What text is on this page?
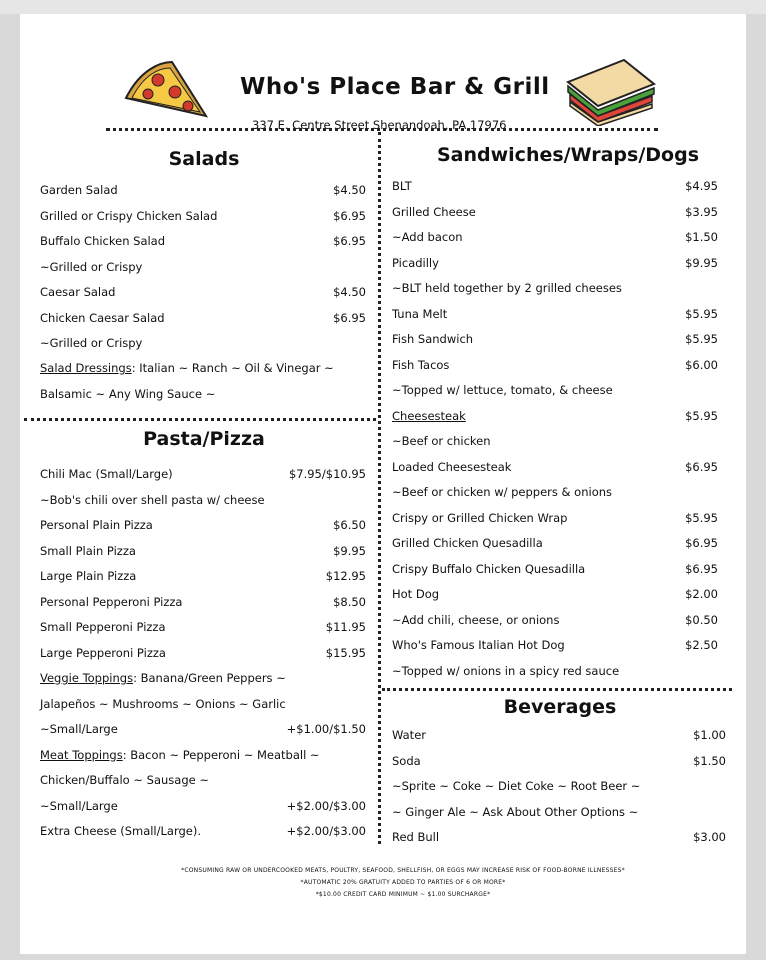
Who's Place Bar & Grill
337 E. Centre Street Shenandoah, PA 17976
Salads
Garden Salad	$4.50
Grilled or Crispy Chicken Salad	$6.95
Buffalo Chicken Salad	$6.95
~Grilled or Crispy
Caesar Salad	$4.50
Chicken Caesar Salad	$6.95
~Grilled or Crispy
Salad Dressings: Italian ~ Ranch ~ Oil & Vinegar ~
Balsamic ~ Any Wing Sauce ~
Pasta/Pizza
Chili Mac (Small/Large)	$7.95/$10.95
~Bob's chili over shell pasta w/ cheese
Personal Plain Pizza	$6.50
Small Plain Pizza	$9.95
Large Plain Pizza	$12.95
Personal Pepperoni Pizza	$8.50
Small Pepperoni Pizza	$11.95
Large Pepperoni Pizza	$15.95
Veggie Toppings: Banana/Green Peppers ~
Jalapeños ~ Mushrooms ~ Onions ~ Garlic
~Small/Large	+$1.00/$1.50
Meat Toppings: Bacon ~ Pepperoni ~ Meatball ~
Chicken/Buffalo ~ Sausage ~
~Small/Large	+$2.00/$3.00
Extra Cheese (Small/Large).	+$2.00/$3.00
Sandwiches/Wraps/Dogs
BLT	$4.95
Grilled Cheese	$3.95
~Add bacon	$1.50
Picadilly	$9.95
~BLT held together by 2 grilled cheeses
Tuna Melt	$5.95
Fish Sandwich	$5.95
Fish Tacos	$6.00
~Topped w/ lettuce, tomato, & cheese
Cheesesteak	$5.95
~Beef or chicken
Loaded Cheesesteak	$6.95
~Beef or chicken w/ peppers & onions
Crispy or Grilled Chicken Wrap	$5.95
Grilled Chicken Quesadilla	$6.95
Crispy Buffalo Chicken Quesadilla	$6.95
Hot Dog	$2.00
~Add chili, cheese, or onions	$0.50
Who's Famous Italian Hot Dog	$2.50
~Topped w/ onions in a spicy red sauce
Beverages
Water	$1.00
Soda	$1.50
~Sprite ~ Coke ~ Diet Coke ~ Root Beer ~
~ Ginger Ale ~ Ask About Other Options ~
Red Bull	$3.00
*CONSUMING RAW OR UNDERCOOKED MEATS, POULTRY, SEAFOOD, SHELLFISH, OR EGGS MAY INCREASE RISK OF FOOD-BORNE ILLNESSES*
*AUTOMATIC 20% GRATUITY ADDED TO PARTIES OF 6 OR MORE*
*$10.00 CREDIT CARD MINIMUM ~ $1.00 SURCHARGE*
